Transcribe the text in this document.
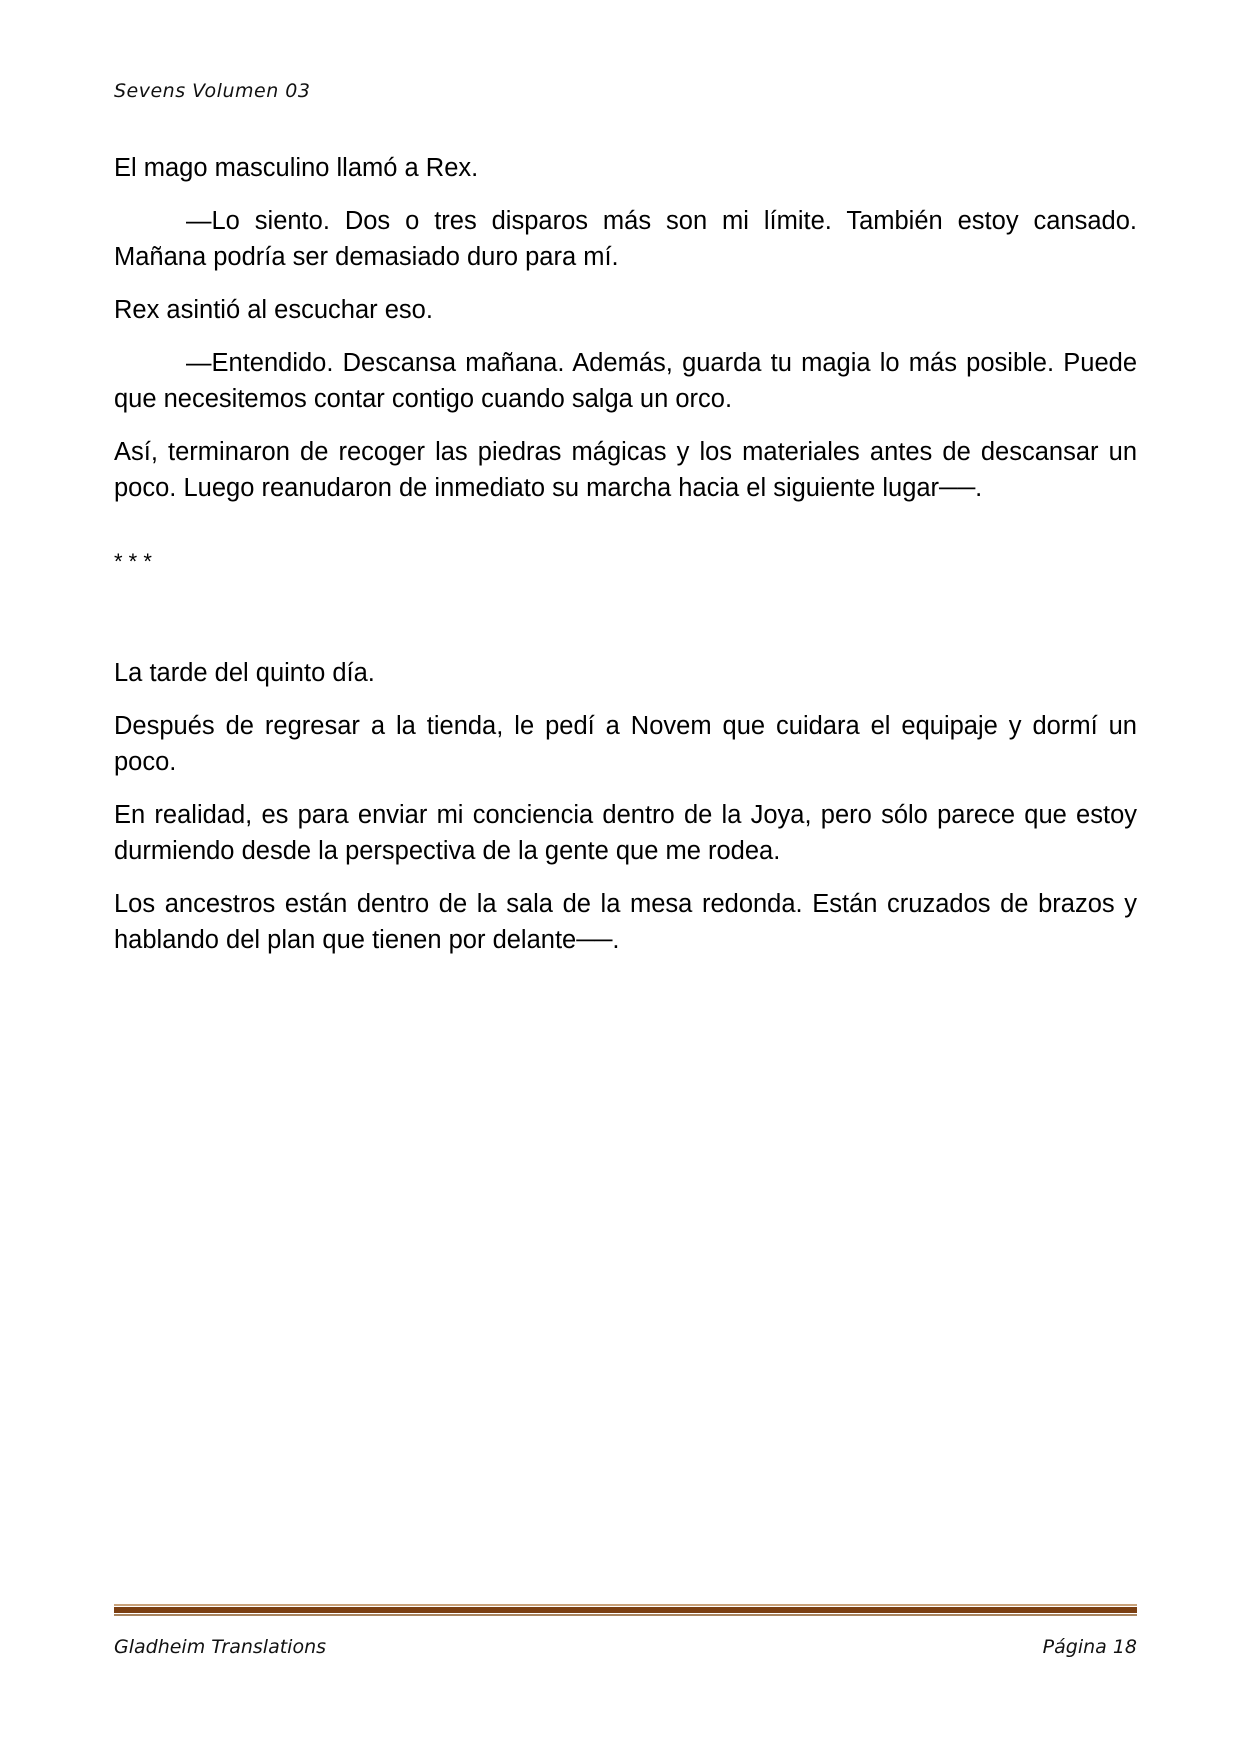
Sevens Volumen 03

El mago masculino llamó a Rex.

—Lo siento. Dos o tres disparos más son mi límite. También estoy cansado. Mañana podría ser demasiado duro para mí.

Rex asintió al escuchar eso.

—Entendido. Descansa mañana. Además, guarda tu magia lo más posible. Puede que necesitemos contar contigo cuando salga un orco.

Así, terminaron de recoger las piedras mágicas y los materiales antes de descansar un poco. Luego reanudaron de inmediato su marcha hacia el siguiente lugar──.

* * *

La tarde del quinto día.

Después de regresar a la tienda, le pedí a Novem que cuidara el equipaje y dormí un poco.

En realidad, es para enviar mi conciencia dentro de la Joya, pero sólo parece que estoy durmiendo desde la perspectiva de la gente que me rodea.

Los ancestros están dentro de la sala de la mesa redonda. Están cruzados de brazos y hablando del plan que tienen por delante──.

Gladheim Translations	Página 18
